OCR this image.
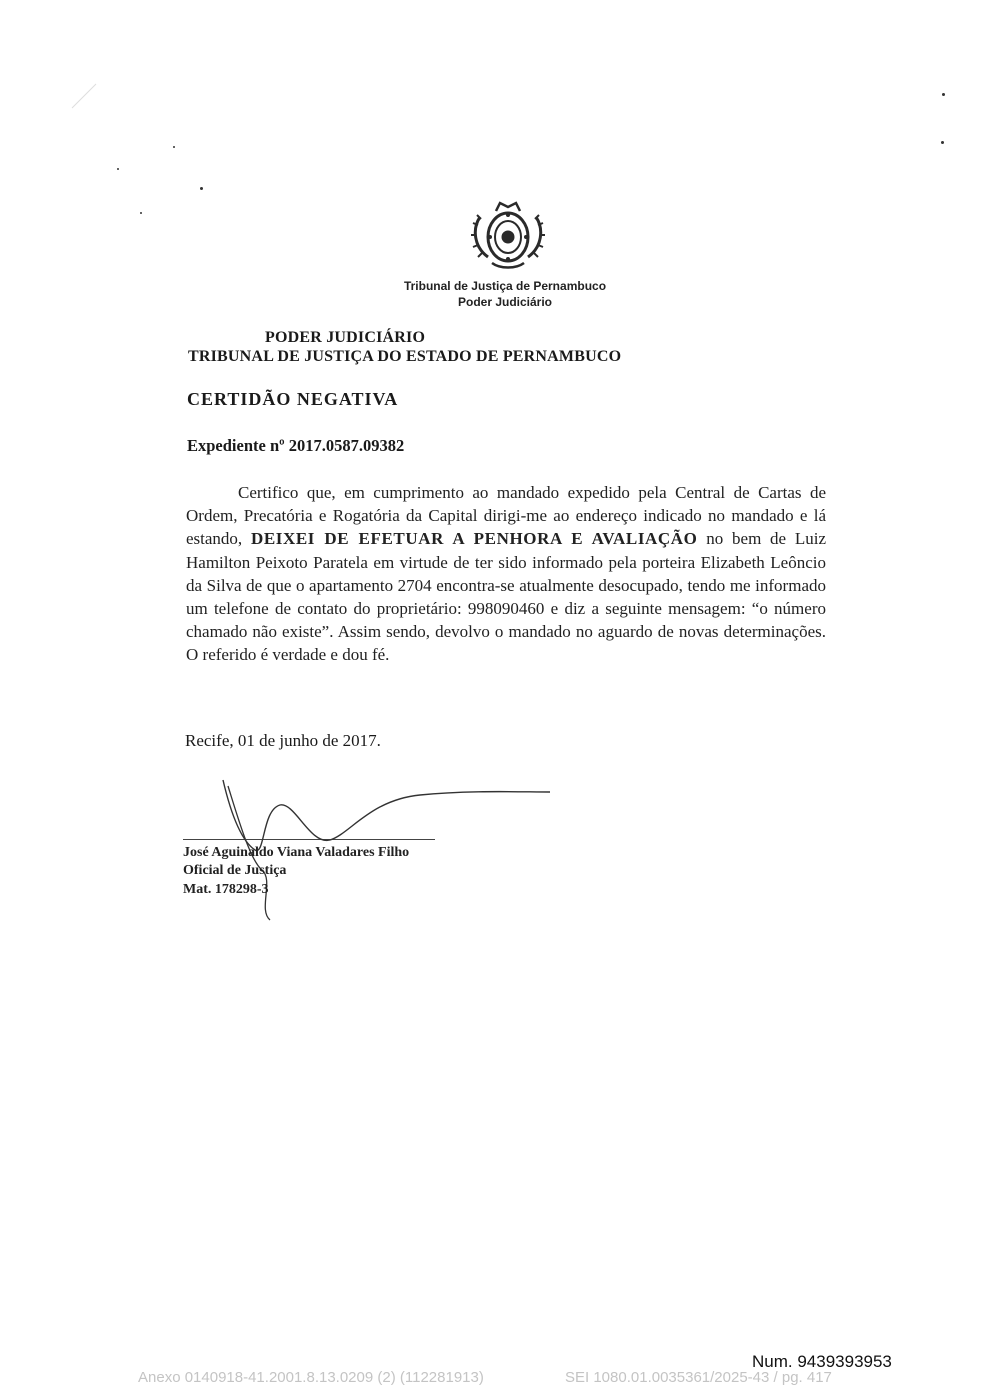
Tribunal de Justiça de Pernambuco
Poder Judiciário
PODER JUDICIÁRIO
TRIBUNAL DE JUSTIÇA DO ESTADO DE PERNAMBUCO
CERTIDÃO NEGATIVA
Expediente nº 2017.0587.09382
Certifico que, em cumprimento ao mandado expedido pela Central de Cartas de Ordem, Precatória e Rogatória da Capital dirigi-me ao endereço indicado no mandado e lá estando, DEIXEI DE EFETUAR A PENHORA E AVALIAÇÃO no bem de Luiz Hamilton Peixoto Paratela em virtude de ter sido informado pela porteira Elizabeth Leôncio da Silva de que o apartamento 2704 encontra-se atualmente desocupado, tendo me informado um telefone de contato do proprietário: 998090460 e diz a seguinte mensagem: “o número chamado não existe”. Assim sendo, devolvo o mandado no aguardo de novas determinações. O referido é verdade e dou fé.
Recife, 01 de junho de 2017.
José Aguinaldo Viana Valadares Filho
Oficial de Justiça
Mat. 178298-3
Num. 9439393953
Anexo 0140918-41.2001.8.13.0209 (2) (112281913)	SEI 1080.01.0035361/2025-43 / pg. 417
